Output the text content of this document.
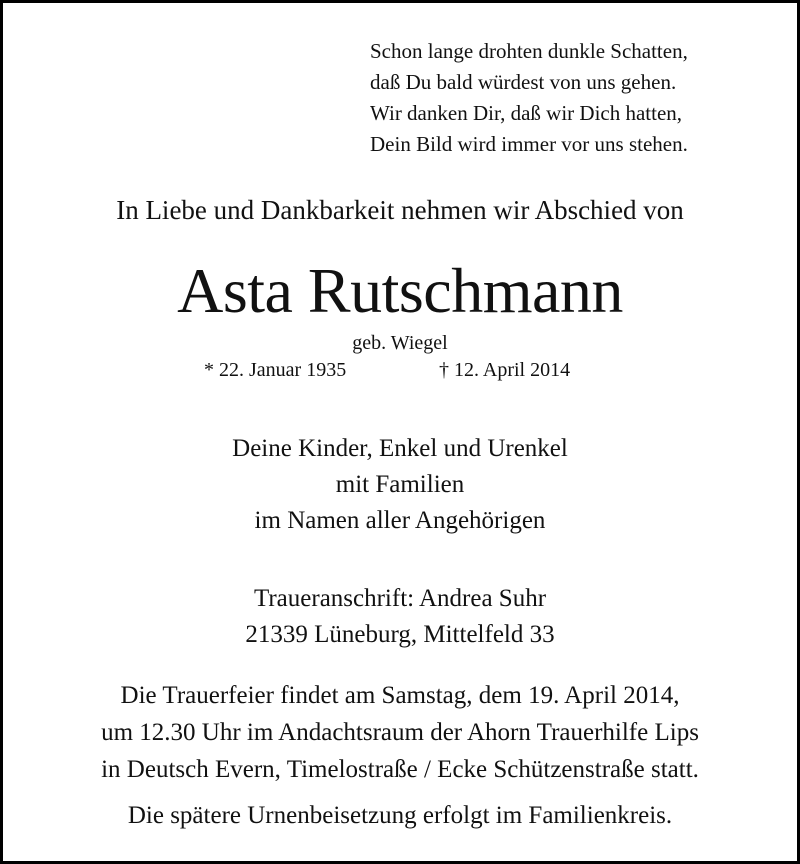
Schon lange drohten dunkle Schatten,
daß Du bald würdest von uns gehen.
Wir danken Dir, daß wir Dich hatten,
Dein Bild wird immer vor uns stehen.
In Liebe und Dankbarkeit nehmen wir Abschied von
Asta Rutschmann
geb. Wiegel
* 22. Januar 1935	† 12. April 2014
Deine Kinder, Enkel und Urenkel
mit Familien
im Namen aller Angehörigen
Traueranschrift: Andrea Suhr
21339 Lüneburg, Mittelfeld 33
Die Trauerfeier findet am Samstag, dem 19. April 2014,
um 12.30 Uhr im Andachtsraum der Ahorn Trauerhilfe Lips
in Deutsch Evern, Timelostraße / Ecke Schützenstraße statt.
Die spätere Urnenbeisetzung erfolgt im Familienkreis.
